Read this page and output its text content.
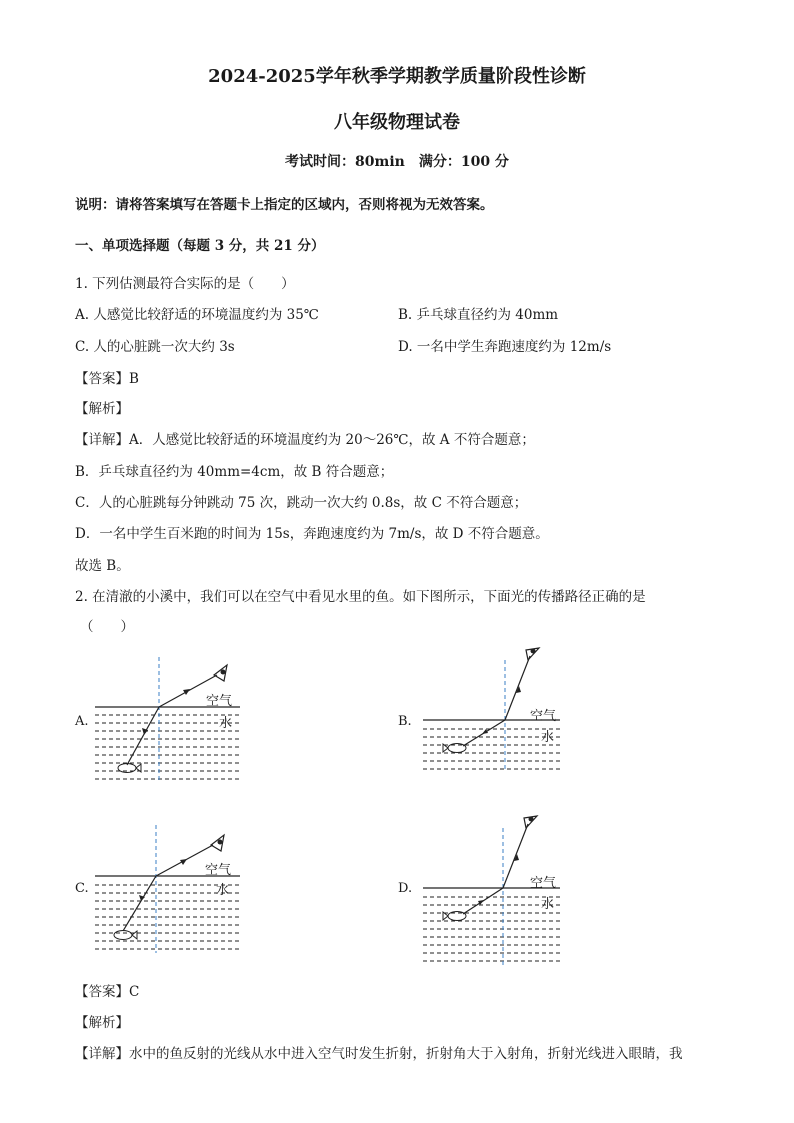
2024-2025学年秋季学期教学质量阶段性诊断
八年级物理试卷
考试时间：80min　满分：100 分
说明：请将答案填写在答题卡上指定的区域内，否则将视为无效答案。
一、单项选择题（每题 3 分，共 21 分）
1. 下列估测最符合实际的是（　　）
A. 人感觉比较舒适的环境温度约为 35℃	B. 乒乓球直径约为 40mm
C. 人的心脏跳一次大约 3s	D. 一名中学生奔跑速度约为 12m/s
【答案】B
【解析】
【详解】A．人感觉比较舒适的环境温度约为 20～26℃，故 A 不符合题意；
B．乒乓球直径约为 40mm=4cm，故 B 符合题意；
C．人的心脏跳每分钟跳动 75 次，跳动一次大约 0.8s，故 C 不符合题意；
D．一名中学生百米跑的时间为 15s，奔跑速度约为 7m/s，故 D 不符合题意。
故选 B。
2. 在清澈的小溪中，我们可以在空气中看见水里的鱼。如下图所示，下面光的传播路径正确的是
（　　）
A.	B.
C.	D.
空气
水	空气
水
空气
水	空气
水
【答案】C
【解析】
【详解】水中的鱼反射的光线从水中进入空气时发生折射，折射角大于入射角，折射光线进入眼睛，我
